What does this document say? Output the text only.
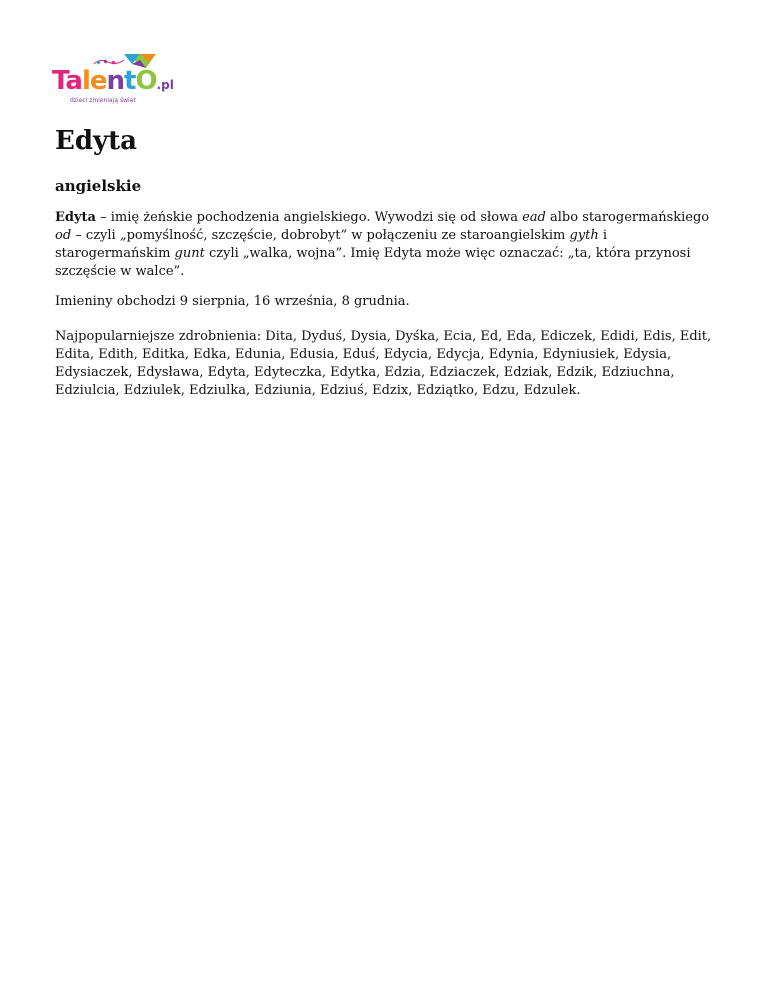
TalentO.pl
dzieci zmieniają świat
Edyta
angielskie

Edyta – imię żeńskie pochodzenia angielskiego. Wywodzi się od słowa ead albo starogermańskiego od – czyli „pomyślność, szczęście, dobrobyt” w połączeniu ze staroangielskim gyth i starogermańskim gunt czyli „walka, wojna”. Imię Edyta może więc oznaczać: „ta, która przynosi szczęście w walce”.

Imieniny obchodzi 9 sierpnia, 16 września, 8 grudnia.

Najpopularniejsze zdrobnienia: Dita, Dyduś, Dysia, Dyśka, Ecia, Ed, Eda, Ediczek, Edidi, Edis, Edit, Edita, Edith, Editka, Edka, Edunia, Edusia, Eduś, Edycia, Edycja, Edynia, Edyniusiek, Edysia, Edysiaczek, Edysława, Edyta, Edyteczka, Edytka, Edzia, Edziaczek, Edziak, Edzik, Edziuchna, Edziulcia, Edziulek, Edziulka, Edziunia, Edziuś, Edzix, Edziątko, Edzu, Edzulek.
